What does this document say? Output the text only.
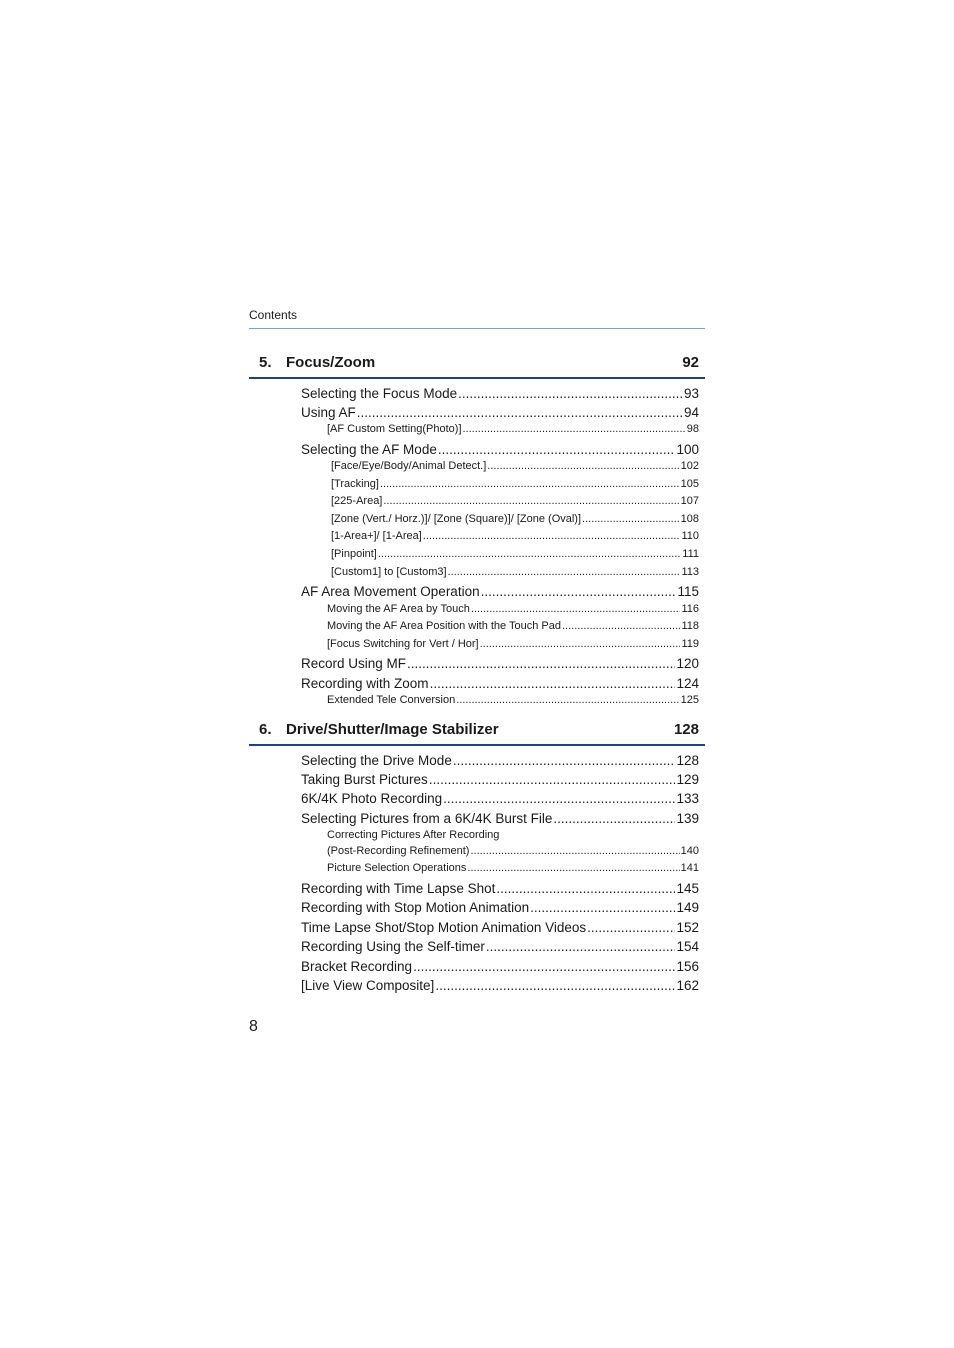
Contents
5. Focus/Zoom	92
Selecting the Focus Mode .....	93
Using AF .....	94
[AF Custom Setting(Photo)] .....	98
Selecting the AF Mode .....	100
[Face/Eye/Body/Animal Detect.] .....	102
[Tracking] .....	105
[225-Area] .....	107
[Zone (Vert./ Horz.)]/ [Zone (Square)]/ [Zone (Oval)] .....	108
[1-Area+]/ [1-Area] .....	110
[Pinpoint] .....	111
[Custom1] to [Custom3] .....	113
AF Area Movement Operation .....	115
Moving the AF Area by Touch .....	116
Moving the AF Area Position with the Touch Pad .....	118
[Focus Switching for Vert / Hor] .....	119
Record Using MF .....	120
Recording with Zoom .....	124
Extended Tele Conversion .....	125
6. Drive/Shutter/Image Stabilizer	128
Selecting the Drive Mode .....	128
Taking Burst Pictures .....	129
6K/4K Photo Recording .....	133
Selecting Pictures from a 6K/4K Burst File .....	139
Correcting Pictures After Recording
(Post-Recording Refinement) .....	140
Picture Selection Operations .....	141
Recording with Time Lapse Shot .....	145
Recording with Stop Motion Animation .....	149
Time Lapse Shot/Stop Motion Animation Videos .....	152
Recording Using the Self-timer .....	154
Bracket Recording .....	156
[Live View Composite] .....	162
8
